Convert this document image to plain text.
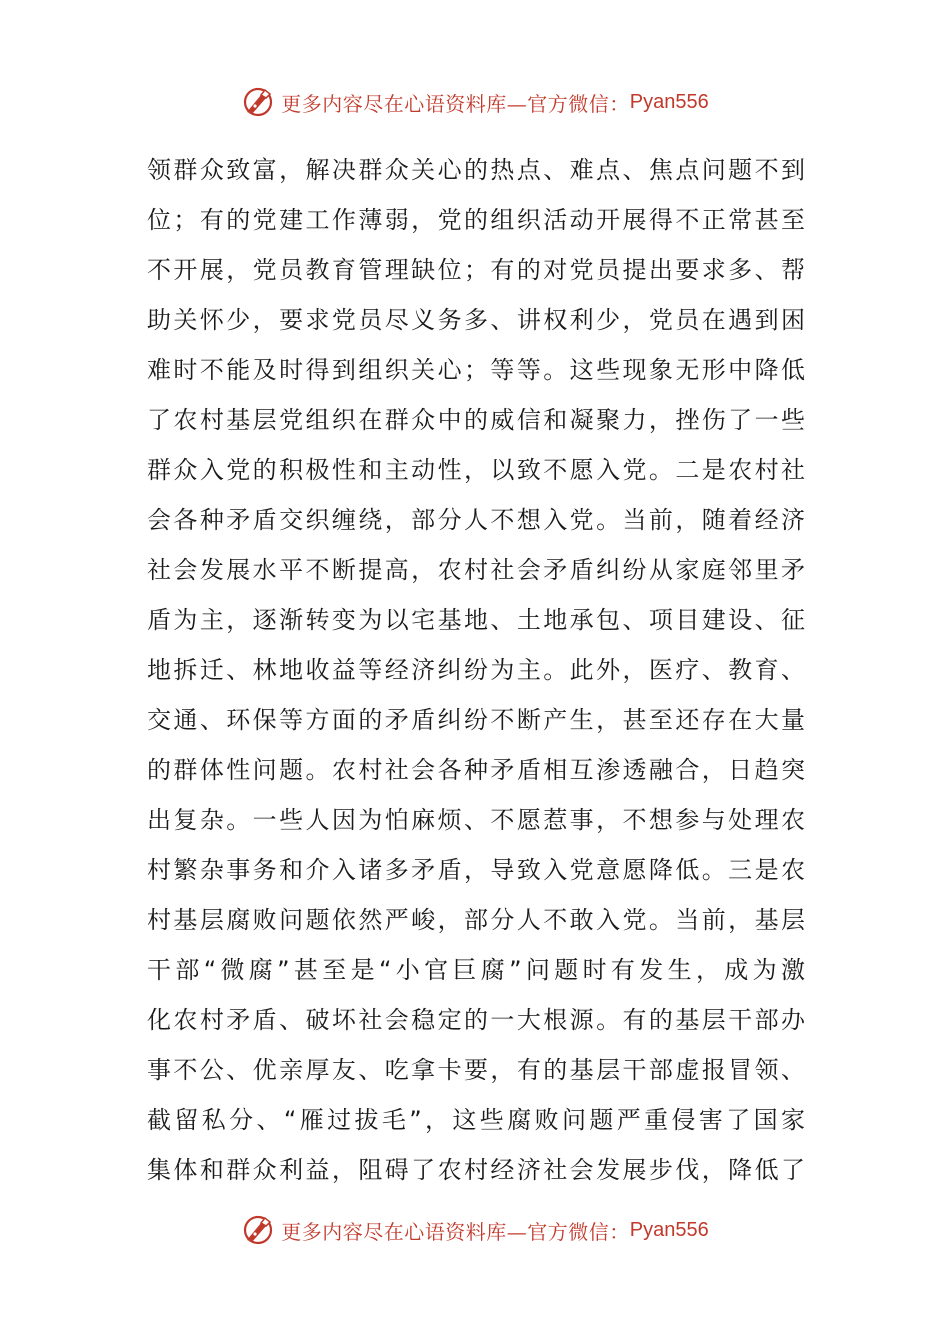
更多内容尽在心语资料库—官方微信： Pyan556
领群众致富，解决群众关心的热点、难点、焦点问题不到
位；有的党建工作薄弱，党的组织活动开展得不正常甚至
不开展，党员教育管理缺位；有的对党员提出要求多、帮
助关怀少，要求党员尽义务多、讲权利少，党员在遇到困
难时不能及时得到组织关心；等等。这些现象无形中降低
了农村基层党组织在群众中的威信和凝聚力，挫伤了一些
群众入党的积极性和主动性，以致不愿入党。二是农村社
会各种矛盾交织缠绕，部分人不想入党。当前，随着经济
社会发展水平不断提高，农村社会矛盾纠纷从家庭邻里矛
盾为主，逐渐转变为以宅基地、土地承包、项目建设、征
地拆迁、林地收益等经济纠纷为主。此外，医疗、教育、
交通、环保等方面的矛盾纠纷不断产生，甚至还存在大量
的群体性问题。农村社会各种矛盾相互渗透融合，日趋突
出复杂。一些人因为怕麻烦、不愿惹事，不想参与处理农
村繁杂事务和介入诸多矛盾，导致入党意愿降低。三是农
村基层腐败问题依然严峻，部分人不敢入党。当前，基层
干部“微腐”甚至是“小官巨腐”问题时有发生，成为激
化农村矛盾、破坏社会稳定的一大根源。有的基层干部办
事不公、优亲厚友、吃拿卡要，有的基层干部虚报冒领、
截留私分、“雁过拔毛”，这些腐败问题严重侵害了国家
集体和群众利益，阻碍了农村经济社会发展步伐，降低了
更多内容尽在心语资料库—官方微信： Pyan556
